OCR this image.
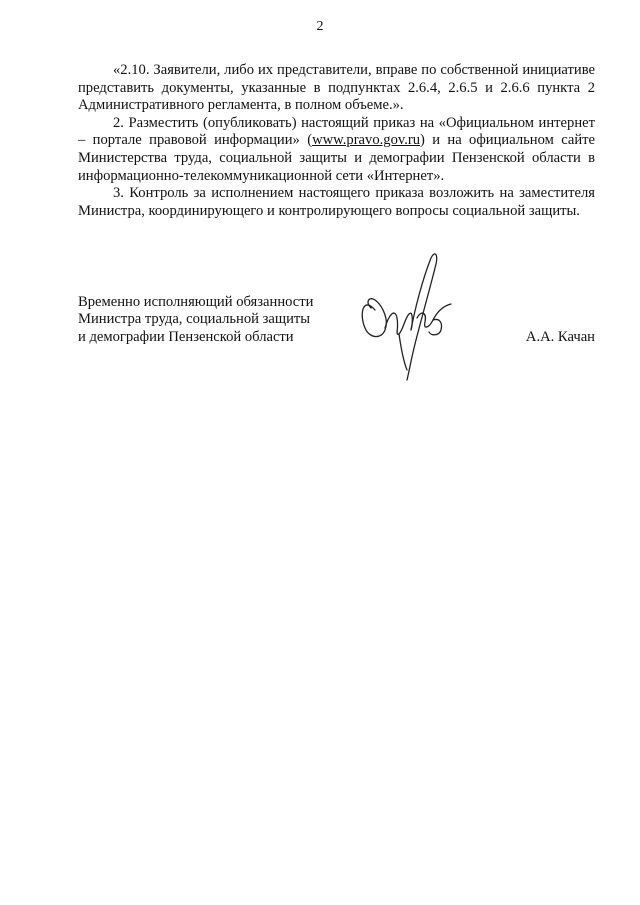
2

«2.10. Заявители, либо их представители, вправе по собственной инициативе представить документы, указанные в подпунктах 2.6.4, 2.6.5 и 2.6.6 пункта 2 Административного регламента, в полном объеме.».

2. Разместить (опубликовать) настоящий приказ на «Официальном интернет – портале правовой информации» (www.pravo.gov.ru) и на официальном сайте Министерства труда, социальной защиты и демографии Пензенской области в информационно-телекоммуникационной сети «Интернет».

3. Контроль за исполнением настоящего приказа возложить на заместителя Министра, координирующего и контролирующего вопросы социальной защиты.

Временно исполняющий обязанности
Министра труда, социальной защиты
и демографии Пензенской области	А.А. Качан
